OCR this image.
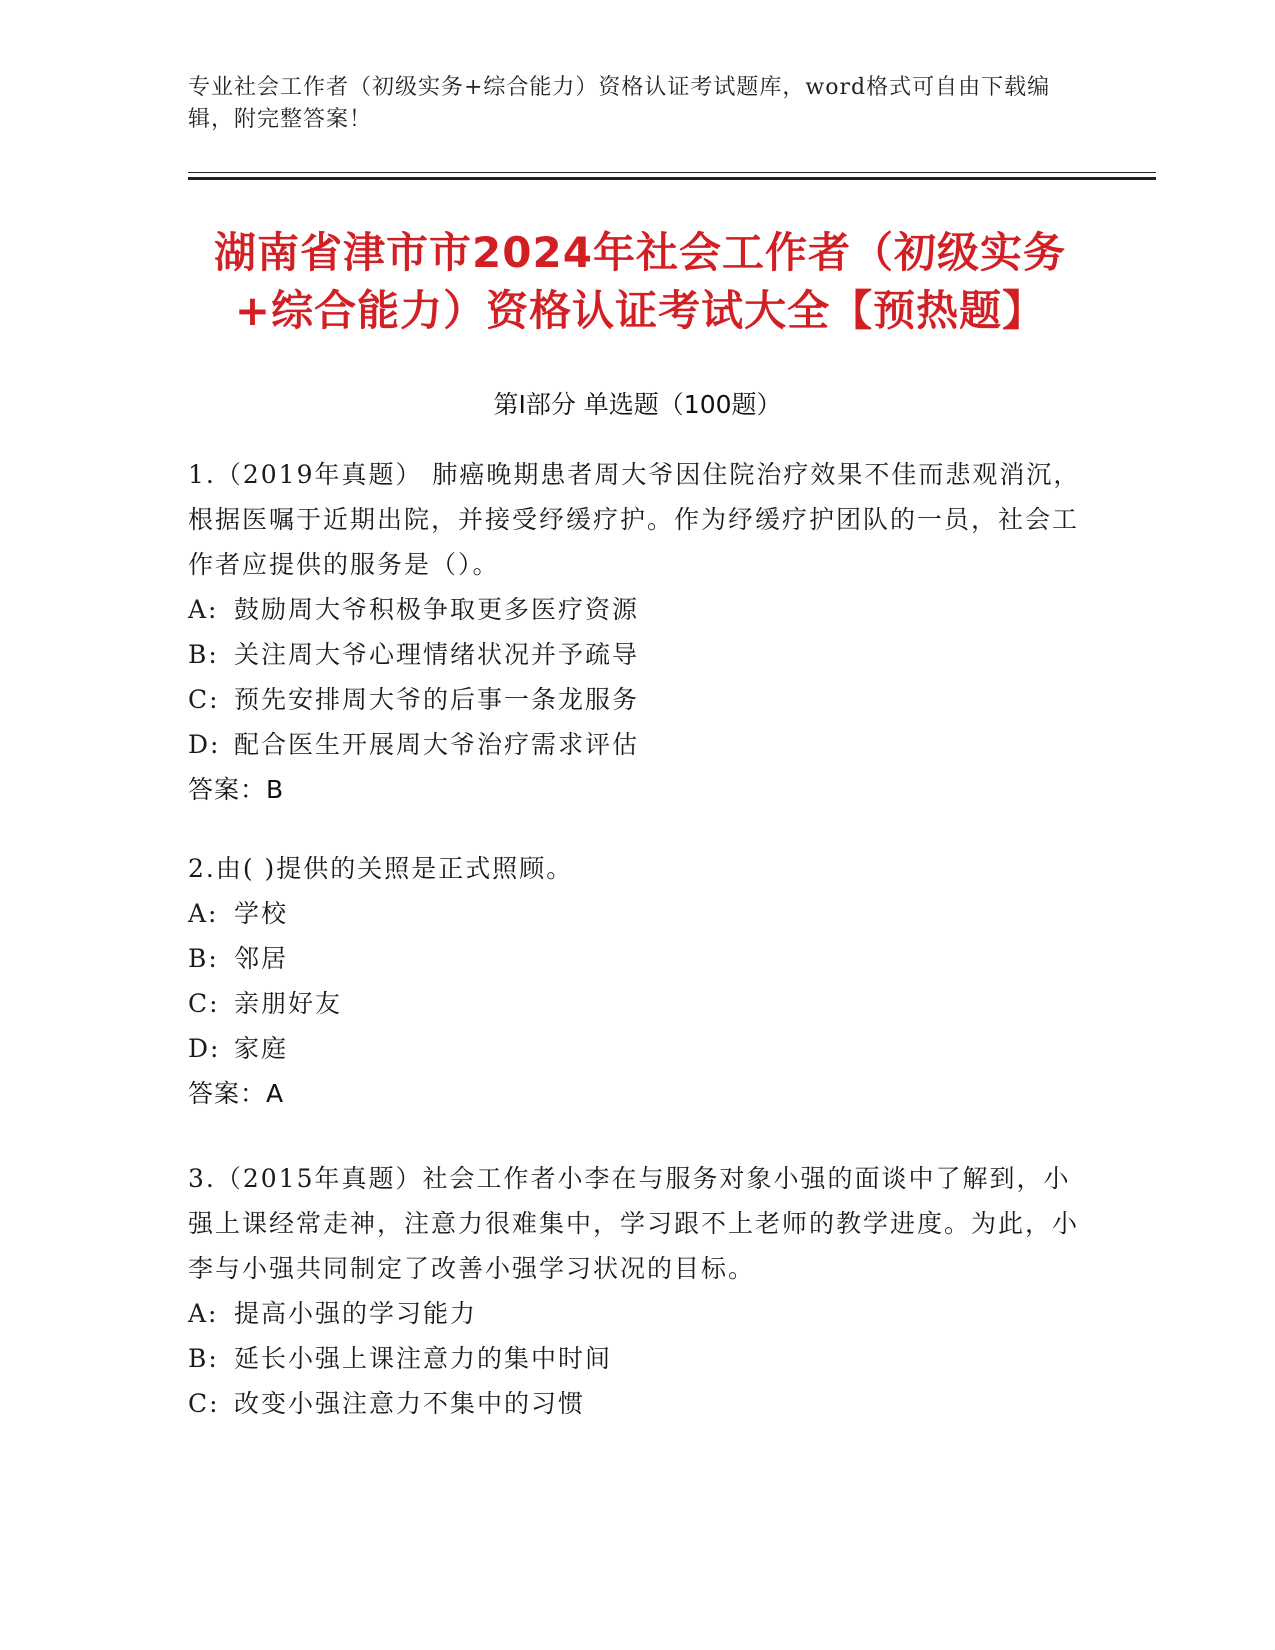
专业社会工作者（初级实务+综合能力）资格认证考试题库，word格式可自由下载编辑，附完整答案！
湖南省津市市2024年社会工作者（初级实务+综合能力）资格认证考试大全【预热题】
第Ⅰ部分 单选题（100题）
1.（2019年真题） 肺癌晚期患者周大爷因住院治疗效果不佳而悲观消沉，根据医嘱于近期出院，并接受纾缓疗护。作为纾缓疗护团队的一员，社会工作者应提供的服务是（）。
A: 鼓励周大爷积极争取更多医疗资源
B: 关注周大爷心理情绪状况并予疏导
C: 预先安排周大爷的后事一条龙服务
D: 配合医生开展周大爷治疗需求评估
答案：B
2.由( )提供的关照是正式照顾。
A: 学校
B: 邻居
C: 亲朋好友
D: 家庭
答案：A
3.（2015年真题）社会工作者小李在与服务对象小强的面谈中了解到，小强上课经常走神，注意力很难集中，学习跟不上老师的教学进度。为此，小李与小强共同制定了改善小强学习状况的目标。
A: 提高小强的学习能力
B: 延长小强上课注意力的集中时间
C: 改变小强注意力不集中的习惯
